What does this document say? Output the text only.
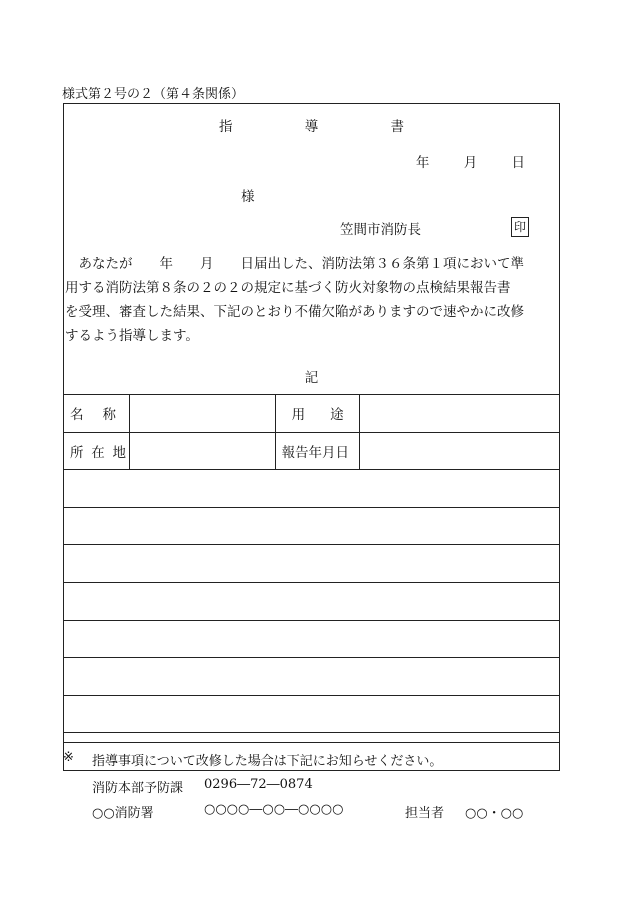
様式第２号の２（第４条関係）
指	導	書
年	月	日
様
笠間市消防長	印
　あなたが　　年　　月　　日届出した、消防法第３６条第１項において準
用する消防法第８条の２の２の規定に基づく防火対象物の点検結果報告書
を受理、審査した結果、下記のとおり不備欠陥がありますので速やかに改修
するよう指導します。
記
名 称		用 途	

所 在 地		報告年月日	

※ 指導事項について改修した場合は下記にお知らせください。
消防本部予防課 0296―72―0874
○○消防署	○○○○―○○―○○○○	担当者 ○○・○○
